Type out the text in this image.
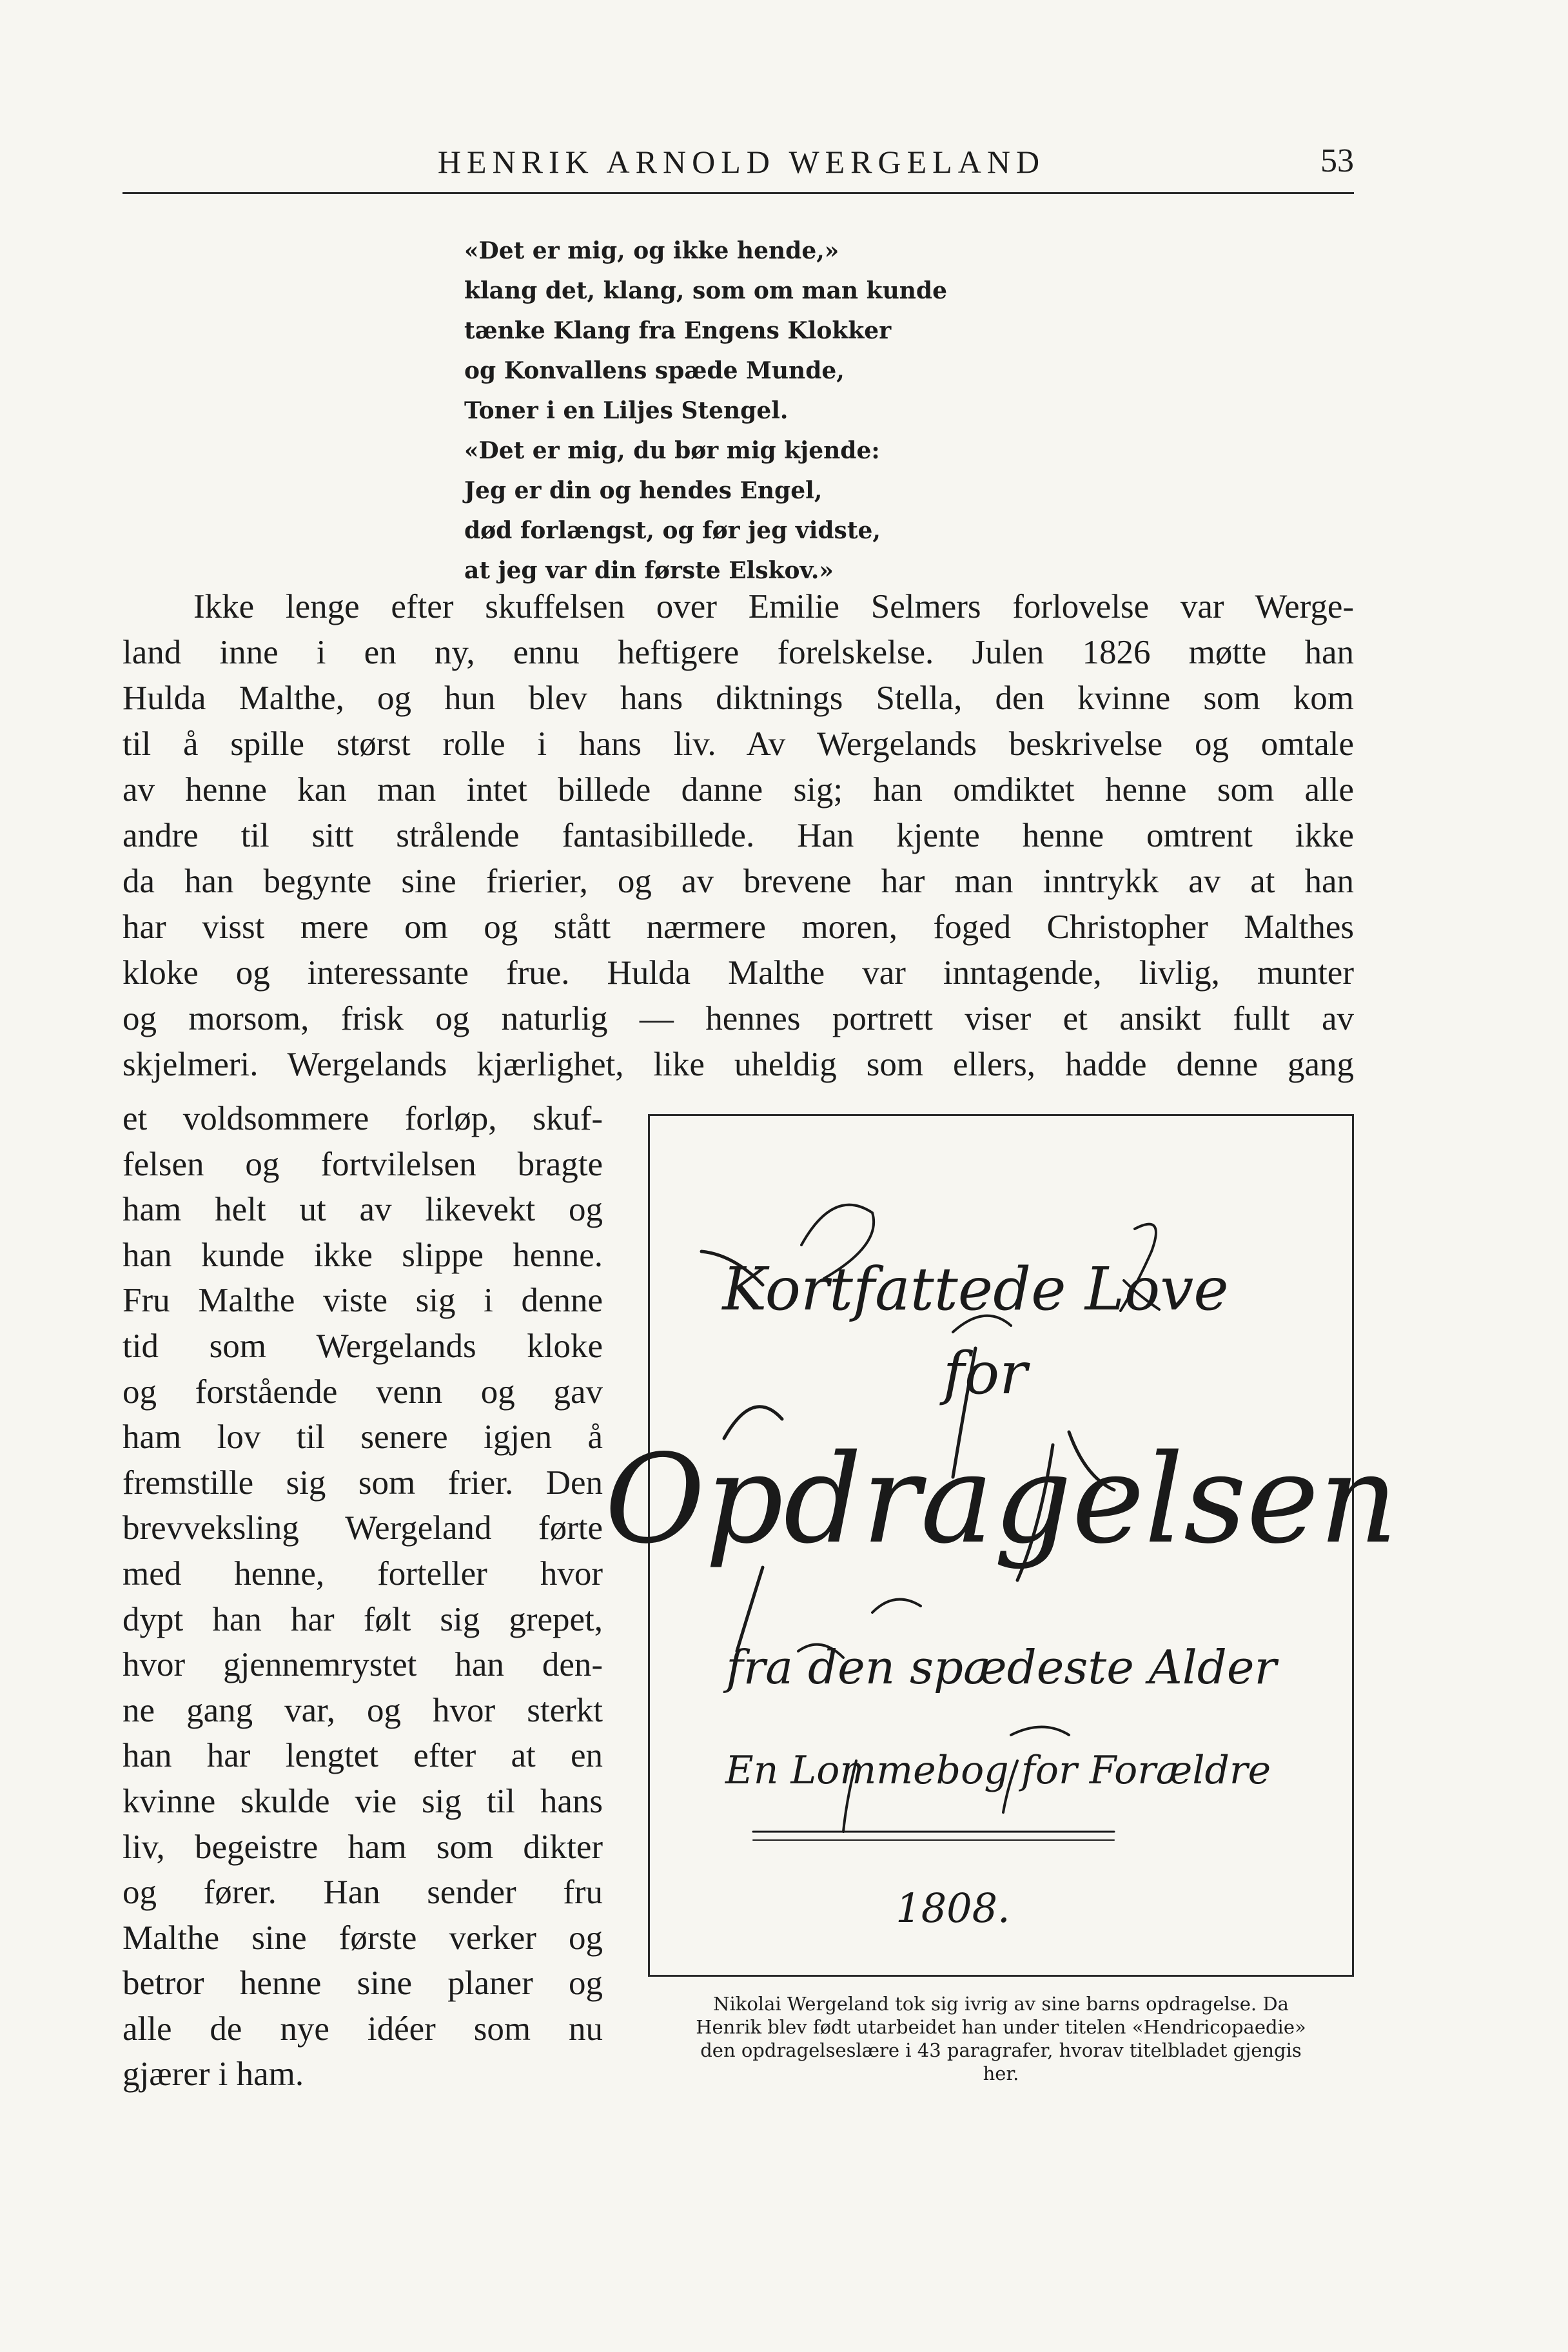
HENRIK ARNOLD WERGELAND	53
«Det er mig, og ikke hende,»
klang det, klang, som om man kunde
tænke Klang fra Engens Klokker
og Konvallens spæde Munde,
Toner i en Liljes Stengel.
«Det er mig, du bør mig kjende:
Jeg er din og hendes Engel,
død forlængst, og før jeg vidste,
at jeg var din første Elskov.»
Ikke lenge efter skuffelsen over Emilie Selmers forlovelse var Werge-
land inne i en ny, ennu heftigere forelskelse. Julen 1826 møtte han
Hulda Malthe, og hun blev hans diktnings Stella, den kvinne som kom
til å spille størst rolle i hans liv. Av Wergelands beskrivelse og omtale
av henne kan man intet billede danne sig; han omdiktet henne som alle
andre til sitt strålende fantasibillede. Han kjente henne omtrent ikke
da han begynte sine frierier, og av brevene har man inntrykk av at han
har visst mere om og stått nærmere moren, foged Christopher Malthes
kloke og interessante frue. Hulda Malthe var inntagende, livlig, munter
og morsom, frisk og naturlig — hennes portrett viser et ansikt fullt av
skjelmeri. Wergelands kjærlighet, like uheldig som ellers, hadde denne gang
et voldsommere forløp, skuf-
felsen og fortvilelsen bragte
ham helt ut av likevekt og
han kunde ikke slippe henne.
Fru Malthe viste sig i denne
tid som Wergelands kloke
og forstående venn og gav
ham lov til senere igjen å
fremstille sig som frier. Den
brevveksling Wergeland førte
med henne, forteller hvor
dypt han har følt sig grepet,
hvor gjennemrystet han den-
ne gang var, og hvor sterkt
han har lengtet efter at en
kvinne skulde vie sig til hans
liv, begeistre ham som dikter
og fører. Han sender fru
Malthe sine første verker og
betror henne sine planer og
alle de nye idéer som nu
gjærer i ham.
Kortfattede Love
for
Opdragelsen
fra den spædeste Alder
En Lommebog for Forældre
1808.
Nikolai Wergeland tok sig ivrig av sine barns opdragelse. Da
Henrik blev født utarbeidet han under titelen «Hendricopaedie»
den opdragelseslære i 43 paragrafer, hvorav titelbladet gjengis
her.
